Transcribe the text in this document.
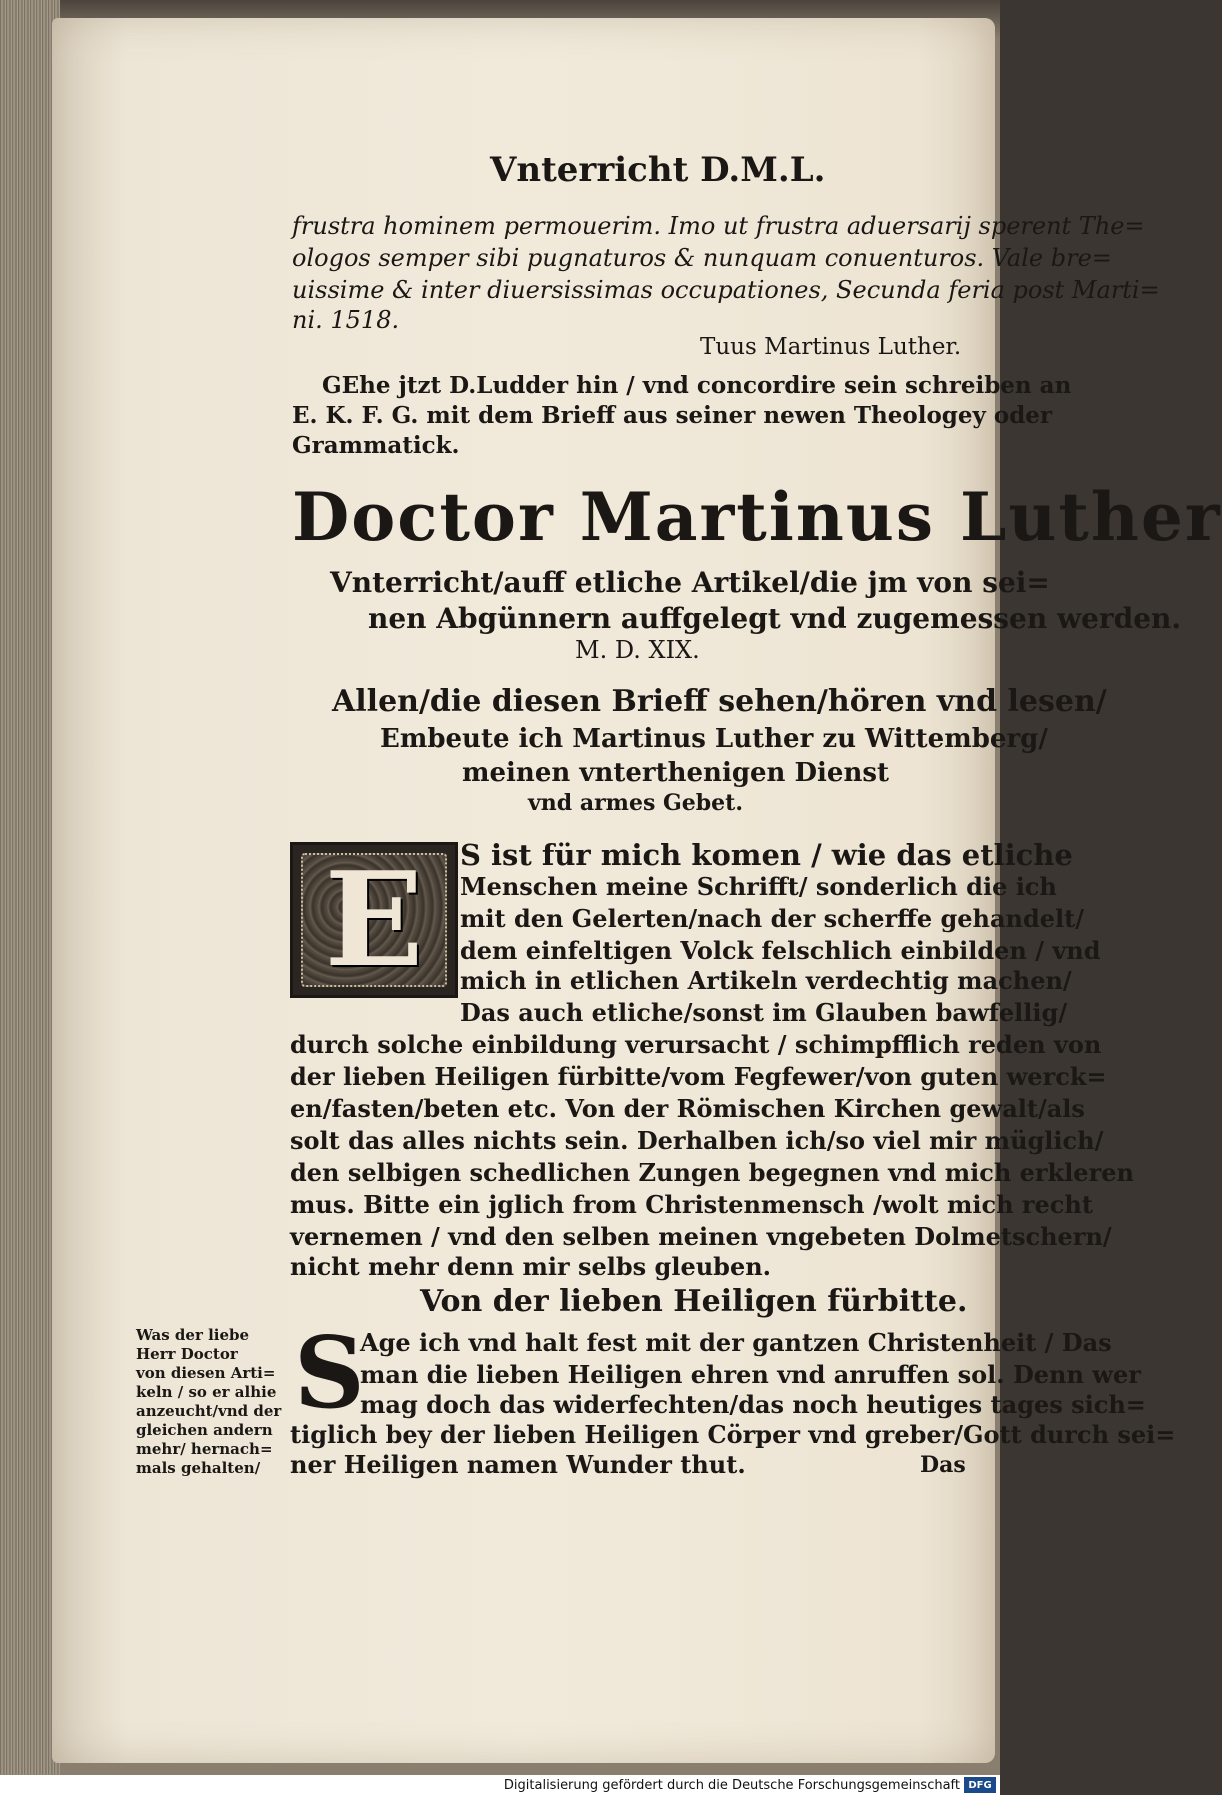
Vnterricht D.M.L.
frustra hominem permouerim. Imo ut frustra aduersarij sperent The=
ologos semper sibi pugnaturos & nunquam conuenturos. Vale bre=
uissime & inter diuersissimas occupationes, Secunda feria post Marti=
ni. 1518.
Tuus Martinus Luther.
GEhe jtzt D.Ludder hin / vnd concordire sein schreiben an
E. K. F. G. mit dem Brieff aus seiner newen Theologey oder
Grammatick.
Doctor Martinus Luther
Vnterricht/auff etliche Artikel/die jm von sei=
nen Abgünnern auffgelegt vnd zugemessen werden.
M. D. XIX.
Allen/die diesen Brieff sehen/hören vnd lesen/
Embeute ich Martinus Luther zu Wittemberg/
meinen vnterthenigen Dienst
vnd armes Gebet.
E S ist für mich komen / wie das etliche
Menschen meine Schrifft/ sonderlich die ich
mit den Gelerten/nach der scherffe gehandelt/
dem einfeltigen Volck felschlich einbilden / vnd
mich in etlichen Artikeln verdechtig machen/
Das auch etliche/sonst im Glauben bawfellig/
durch solche einbildung verursacht / schimpfflich reden von
der lieben Heiligen fürbitte/vom Fegfewer/von guten werck=
en/fasten/beten etc. Von der Römischen Kirchen gewalt/als
solt das alles nichts sein. Derhalben ich/so viel mir müglich/
den selbigen schedlichen Zungen begegnen vnd mich erkleren
mus. Bitte ein jglich from Christenmensch /wolt mich recht
vernemen / vnd den selben meinen vngebeten Dolmetschern/
nicht mehr denn mir selbs gleuben.
Von der lieben Heiligen fürbitte.
S
Age ich vnd halt fest mit der gantzen Christenheit / Das
man die lieben Heiligen ehren vnd anruffen sol. Denn wer
mag doch das widerfechten/das noch heutiges tages sich=
tiglich bey der lieben Heiligen Cörper vnd greber/Gott durch sei=
ner Heiligen namen Wunder thut.	Das
Was der liebe
Herr Doctor
von diesen Arti=
keln / so er alhie
anzeucht/vnd der
gleichen andern
mehr/ hernach=
mals gehalten/
Digitalisierung gefördert durch die Deutsche Forschungsgemeinschaft DFG
